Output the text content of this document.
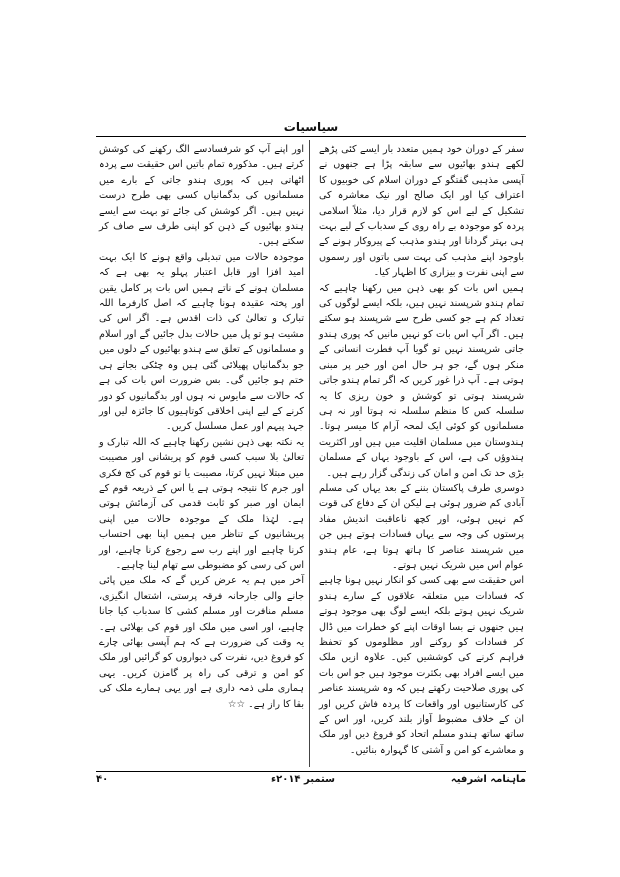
سیاسیات

سفر کے دوران خود ہمیں متعدد بار ایسے کئی پڑھے لکھے ہندو بھائیوں سے سابقہ پڑا ہے جنھوں نے آپسی مذہبی گفتگو کے دوران اسلام کی خوبیوں کا اعتراف کیا اور ایک صالح اور نیک معاشرہ کی تشکیل کے لیے اس کو لازم قرار دیا، مثلاً اسلامی پردہ کو موجودہ بے راہ روی کے سدباب کے لیے بہت ہی بہتر گردانا اور ہندو مذہب کے پیروکار ہونے کے باوجود اپنے مذہب کی بہت سی باتوں اور رسموں سے اپنی نفرت و بیزاری کا اظہار کیا۔

ہمیں اس بات کو بھی ذہن میں رکھنا چاہیے کہ تمام ہندو شرپسند نہیں ہیں، بلکہ ایسے لوگوں کی تعداد کم ہے جو کسی طرح سے شرپسند ہو سکتے ہیں۔ اگر آپ اس بات کو نہیں مانیں کہ پوری ہندو جاتی شرپسند نہیں تو گویا آپ فطرت انسانی کے منکر ہوں گے، جو ہر حال امن اور خیر پر مبنی ہوتی ہے۔ آپ ذرا غور کریں کہ اگر تمام ہندو جاتی شرپسند ہوتی تو کوشش و خون ریزی کا یہ سلسلہ کس کا منظم سلسلہ نہ ہوتا اور نہ ہی مسلمانوں کو کوئی ایک لمحہ آرام کا میسر ہوتا۔ ہندوستان میں مسلمان اقلیت میں ہیں اور اکثریت ہندوؤں کی ہے، اس کے باوجود یہاں کے مسلمان بڑی حد تک امن و امان کی زندگی گزار رہے ہیں۔

دوسری طرف پاکستان بننے کے بعد یہاں کی مسلم آبادی کم ضرور ہوئی ہے لیکن ان کے دفاع کی قوت کم نہیں ہوئی، اور کچھ ناعاقبت اندیش مفاد پرستوں کی وجہ سے یہاں فسادات ہوتے ہیں جن میں شرپسند عناصر کا ہاتھ ہوتا ہے، عام ہندو عوام اس میں شریک نہیں ہوتے۔

اس حقیقت سے بھی کسی کو انکار نہیں ہونا چاہیے کہ فسادات میں متعلقہ علاقوں کے سارے ہندو شریک نہیں ہوتے بلکہ ایسے لوگ بھی موجود ہوتے ہیں جنھوں نے بسا اوقات اپنے کو خطرات میں ڈال کر فسادات کو روکنے اور مظلوموں کو تحفظ فراہم کرنے کی کوششیں کیں۔ علاوہ ازیں ملک میں ایسے افراد بھی بکثرت موجود ہیں جو اس بات کی پوری صلاحیت رکھتے ہیں کہ وہ شرپسند عناصر کی کارستانیوں اور واقعات کا پردہ فاش کریں اور ان کے خلاف مضبوط آواز بلند کریں، اور اس کے ساتھ ساتھ ہندو مسلم اتحاد کو فروغ دیں اور ملک و معاشرے کو امن و آشتی کا گہوارہ بنائیں۔

اور اپنے آپ کو شرفسادسے الگ رکھنے کی کوشش کرتے ہیں۔ مذکورہ تمام باتیں اس حقیقت سے پردہ اٹھاتی ہیں کہ پوری ہندو جاتی کے بارے میں مسلمانوں کی بدگمانیاں کسی بھی طرح درست نہیں ہیں۔ اگر کوشش کی جائے تو بہت سے ایسے ہندو بھائیوں کے ذہن کو اپنی طرف سے صاف کر سکتے ہیں۔

موجودہ حالات میں تبدیلی واقع ہونے کا ایک بہت امید افزا اور قابل اعتبار پہلو یہ بھی ہے کہ مسلمان ہونے کے ناتے ہمیں اس بات پر کامل یقین اور پختہ عقیدہ ہونا چاہیے کہ اصل کارفرما اللہ تبارک و تعالیٰ کی ذات اقدس ہے۔ اگر اس کی مشیت ہو تو پل میں حالات بدل جائیں گے اور اسلام و مسلمانوں کے تعلق سے ہندو بھائیوں کے دلوں میں جو بدگمانیاں پھیلائی گئی ہیں وہ چٹکی بجاتے ہی ختم ہو جائیں گی۔ بس ضرورت اس بات کی ہے کہ حالات سے مایوس نہ ہوں اور بدگمانیوں کو دور کرنے کے لیے اپنی اخلاقی کوتاہیوں کا جائزہ لیں اور جہد پیہم اور عمل مسلسل کریں۔

یہ نکتہ بھی ذہن نشین رکھنا چاہیے کہ اللہ تبارک و تعالیٰ بلا سبب کسی قوم کو پریشانی اور مصیبت میں مبتلا نہیں کرتا، مصیبت یا تو قوم کی کج فکری اور جرم کا نتیجہ ہوتی ہے یا اس کے ذریعہ قوم کے ایمان اور صبر کو ثابت قدمی کی آزمائش ہوتی ہے۔ لہٰذا ملک کے موجودہ حالات میں اپنی پریشانیوں کے تناظر میں ہمیں اپنا بھی احتساب کرنا چاہیے اور اپنے رب سے رجوع کرنا چاہیے، اور اس کی رسی کو مضبوطی سے تھام لینا چاہیے۔

آخر میں ہم یہ عرض کریں گے کہ ملک میں پائی جانے والی جارحانہ فرقہ پرستی، اشتعال انگیزی، مسلم منافرت اور مسلم کشی کا سدباب کیا جانا چاہیے، اور اسی میں ملک اور قوم کی بھلائی ہے۔ یہ وقت کی ضرورت ہے کہ ہم آپسی بھائی چارے کو فروغ دیں، نفرت کی دیواروں کو گرائیں اور ملک کو امن و ترقی کی راہ پر گامزن کریں۔ یہی ہماری ملی ذمہ داری ہے اور یہی ہمارے ملک کی بقا کا راز ہے۔ ☆☆

ماہنامہ اشرفیہ
ستمبر ۲۰۱۴ء
۴۰
